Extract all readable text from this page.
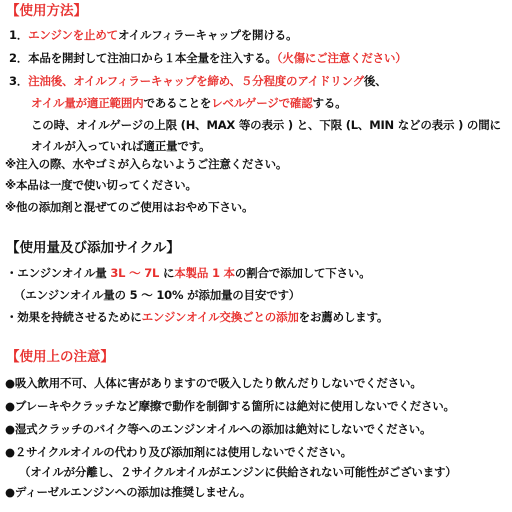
【使用方法】
1．エンジンを止めてオイルフィラーキャップを開ける。
2．本品を開封して注油口から１本全量を注入する。（火傷にご注意ください）
3．注油後、オイルフィラーキャップを締め、５分程度のアイドリング後、
オイル量が適正範囲内であることをレベルゲージで確認する。
この時、オイルゲージの上限 (H、MAX 等の表示 ) と、下限 (L、MIN などの表示 ) の間に
オイルが入っていれば適正量です。
※注入の際、水やゴミが入らないようご注意ください。
※本品は一度で使い切ってください。
※他の添加剤と混ぜてのご使用はおやめ下さい。
【使用量及び添加サイクル】
・エンジンオイル量 3L ～ 7L に本製品 1 本の割合で添加して下さい。
（エンジンオイル量の 5 ～ 10% が添加量の目安です）
・効果を持続させるためにエンジンオイル交換ごとの添加をお薦めします。
【使用上の注意】
●吸入飲用不可、人体に害がありますので吸入したり飲んだりしないでください。
●ブレーキやクラッチなど摩擦で動作を制御する箇所には絶対に使用しないでください。
●湿式クラッチのバイク等へのエンジンオイルへの添加は絶対にしないでください。
●２サイクルオイルの代わり及び添加剤には使用しないでください。
（オイルが分離し、２サイクルオイルがエンジンに供給されない可能性がございます）
●ディーゼルエンジンへの添加は推奨しません。
